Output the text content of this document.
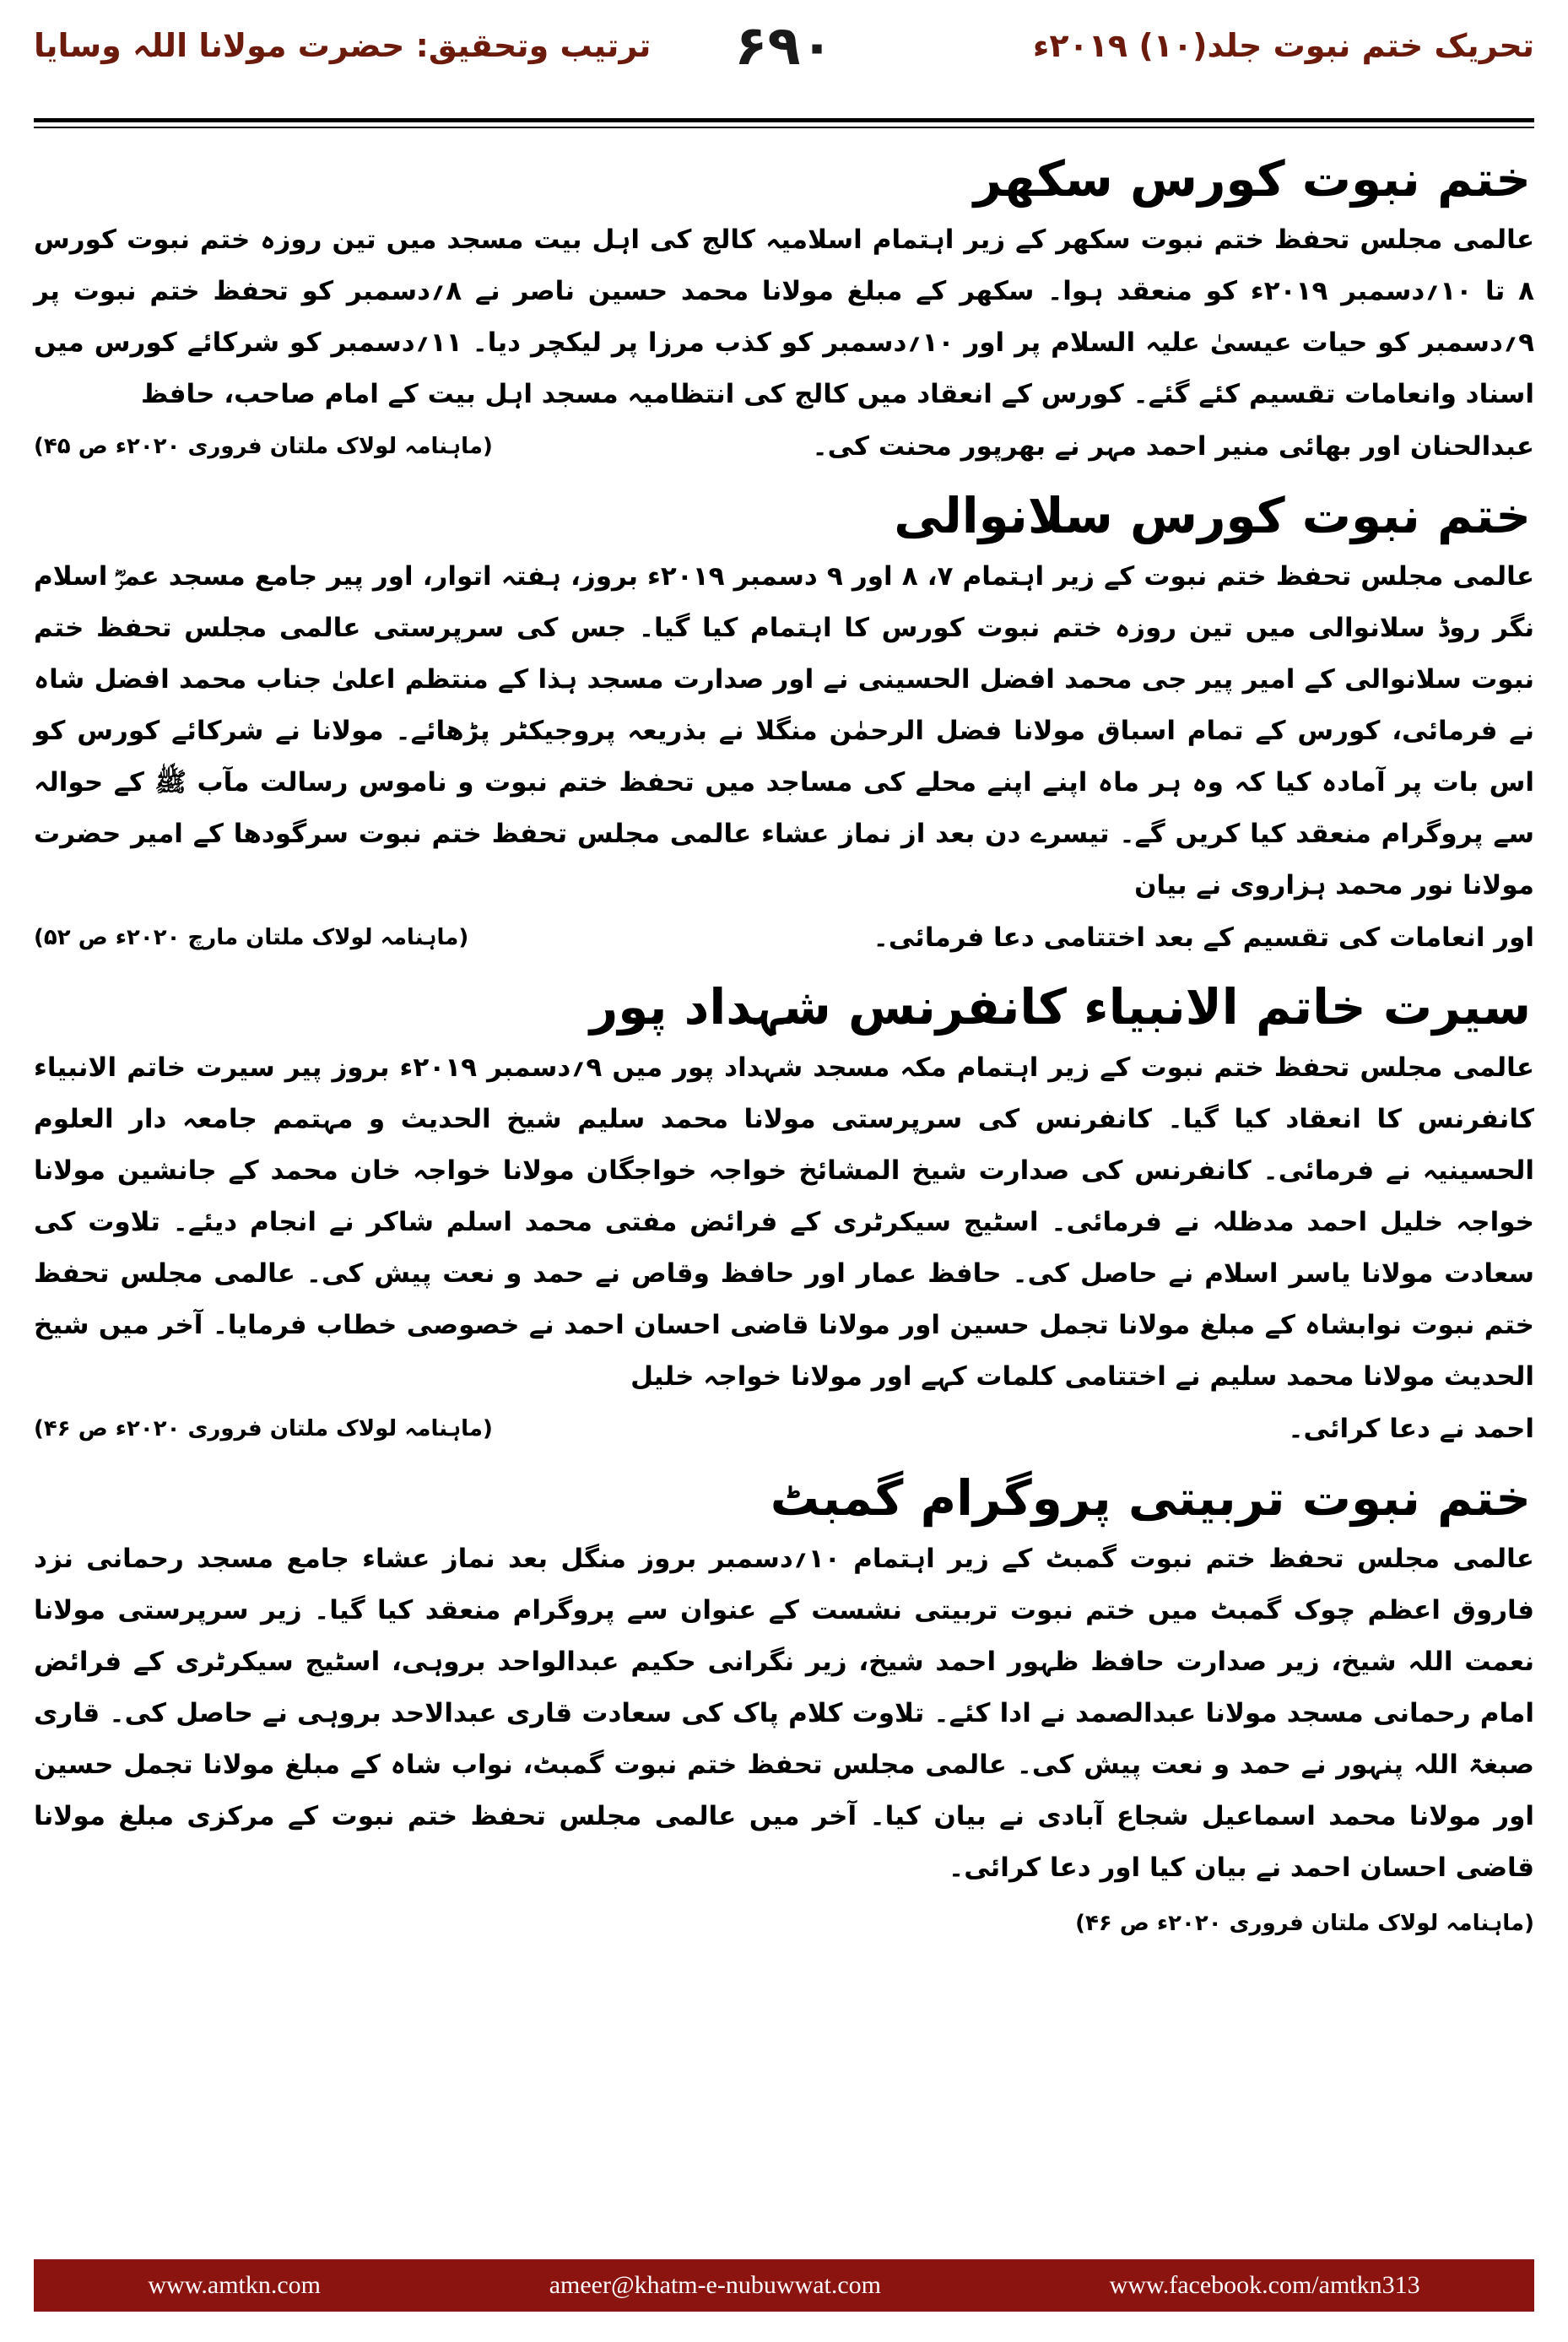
تحریک ختم نبوت جلد(۱۰) ۲۰۱۹ء
۶۹۰
ترتیب وتحقیق: حضرت مولانا اللہ وسایا
ختم نبوت کورس سکھر

عالمی مجلس تحفظ ختم نبوت سکھر کے زیر اہتمام اسلامیہ کالج کی اہل بیت مسجد میں تین روزہ ختم نبوت کورس ۸ تا ۱۰؍دسمبر ۲۰۱۹ء کو منعقد ہوا۔ سکھر کے مبلغ مولانا محمد حسین ناصر نے ۸؍دسمبر کو تحفظ ختم نبوت پر ۹؍دسمبر کو حیات عیسیٰ علیہ السلام پر اور ۱۰؍دسمبر کو کذب مرزا پر لیکچر دیا۔ ۱۱؍دسمبر کو شرکائے کورس میں اسناد وانعامات تقسیم کئے گئے۔ کورس کے انعقاد میں کالج کی انتظامیہ مسجد اہل بیت کے امام صاحب، حافظ

عبدالحنان اور بھائی منیر احمد مہر نے بھرپور محنت کی۔
(ماہنامہ لولاک ملتان فروری ۲۰۲۰ء ص ۴۵)
ختم نبوت کورس سلانوالی

عالمی مجلس تحفظ ختم نبوت کے زیر اہتمام ۷، ۸ اور ۹ دسمبر ۲۰۱۹ء بروز، ہفتہ اتوار، اور پیر جامع مسجد عمرؓ اسلام نگر روڈ سلانوالی میں تین روزہ ختم نبوت کورس کا اہتمام کیا گیا۔ جس کی سرپرستی عالمی مجلس تحفظ ختم نبوت سلانوالی کے امیر پیر جی محمد افضل الحسینی نے اور صدارت مسجد ہذا کے منتظم اعلیٰ جناب محمد افضل شاہ نے فرمائی، کورس کے تمام اسباق مولانا فضل الرحمٰن منگلا نے بذریعہ پروجیکٹر پڑھائے۔ مولانا نے شرکائے کورس کو اس بات پر آمادہ کیا کہ وہ ہر ماہ اپنے اپنے محلے کی مساجد میں تحفظ ختم نبوت و ناموس رسالت مآب ﷺ کے حوالہ سے پروگرام منعقد کیا کریں گے۔ تیسرے دن بعد از نماز عشاء عالمی مجلس تحفظ ختم نبوت سرگودھا کے امیر حضرت مولانا نور محمد ہزاروی نے بیان

اور انعامات کی تقسیم کے بعد اختتامی دعا فرمائی۔
(ماہنامہ لولاک ملتان مارچ ۲۰۲۰ء ص ۵۲)
سیرت خاتم الانبیاء کانفرنس شہداد پور

عالمی مجلس تحفظ ختم نبوت کے زیر اہتمام مکہ مسجد شہداد پور میں ۹؍دسمبر ۲۰۱۹ء بروز پیر سیرت خاتم الانبیاء کانفرنس کا انعقاد کیا گیا۔ کانفرنس کی سرپرستی مولانا محمد سلیم شیخ الحدیث و مہتمم جامعہ دار العلوم الحسینیہ نے فرمائی۔ کانفرنس کی صدارت شیخ المشائخ خواجہ خواجگان مولانا خواجہ خان محمد کے جانشین مولانا خواجہ خلیل احمد مدظلہ نے فرمائی۔ اسٹیج سیکرٹری کے فرائض مفتی محمد اسلم شاکر نے انجام دیئے۔ تلاوت کی سعادت مولانا یاسر اسلام نے حاصل کی۔ حافظ عمار اور حافظ وقاص نے حمد و نعت پیش کی۔ عالمی مجلس تحفظ ختم نبوت نوابشاہ کے مبلغ مولانا تجمل حسین اور مولانا قاضی احسان احمد نے خصوصی خطاب فرمایا۔ آخر میں شیخ الحدیث مولانا محمد سلیم نے اختتامی کلمات کہے اور مولانا خواجہ خلیل

احمد نے دعا کرائی۔
(ماہنامہ لولاک ملتان فروری ۲۰۲۰ء ص ۴۶)
ختم نبوت تربیتی پروگرام گمبٹ

عالمی مجلس تحفظ ختم نبوت گمبٹ کے زیر اہتمام ۱۰؍دسمبر بروز منگل بعد نماز عشاء جامع مسجد رحمانی نزد فاروق اعظم چوک گمبٹ میں ختم نبوت تربیتی نشست کے عنوان سے پروگرام منعقد کیا گیا۔ زیر سرپرستی مولانا نعمت اللہ شیخ، زیر صدارت حافظ ظہور احمد شیخ، زیر نگرانی حکیم عبدالواحد بروہی، اسٹیج سیکرٹری کے فرائض امام رحمانی مسجد مولانا عبدالصمد نے ادا کئے۔ تلاوت کلام پاک کی سعادت قاری عبدالاحد بروہی نے حاصل کی۔ قاری صبغۃ اللہ پنہور نے حمد و نعت پیش کی۔ عالمی مجلس تحفظ ختم نبوت گمبٹ، نواب شاہ کے مبلغ مولانا تجمل حسین اور مولانا محمد اسماعیل شجاع آبادی نے بیان کیا۔ آخر میں عالمی مجلس تحفظ ختم نبوت کے مرکزی مبلغ مولانا قاضی احسان احمد نے بیان کیا اور دعا کرائی۔

(ماہنامہ لولاک ملتان فروری ۲۰۲۰ء ص ۴۶)
www.amtkn.com	ameer@khatm-e-nubuwwat.com	www.facebook.com/amtkn313
